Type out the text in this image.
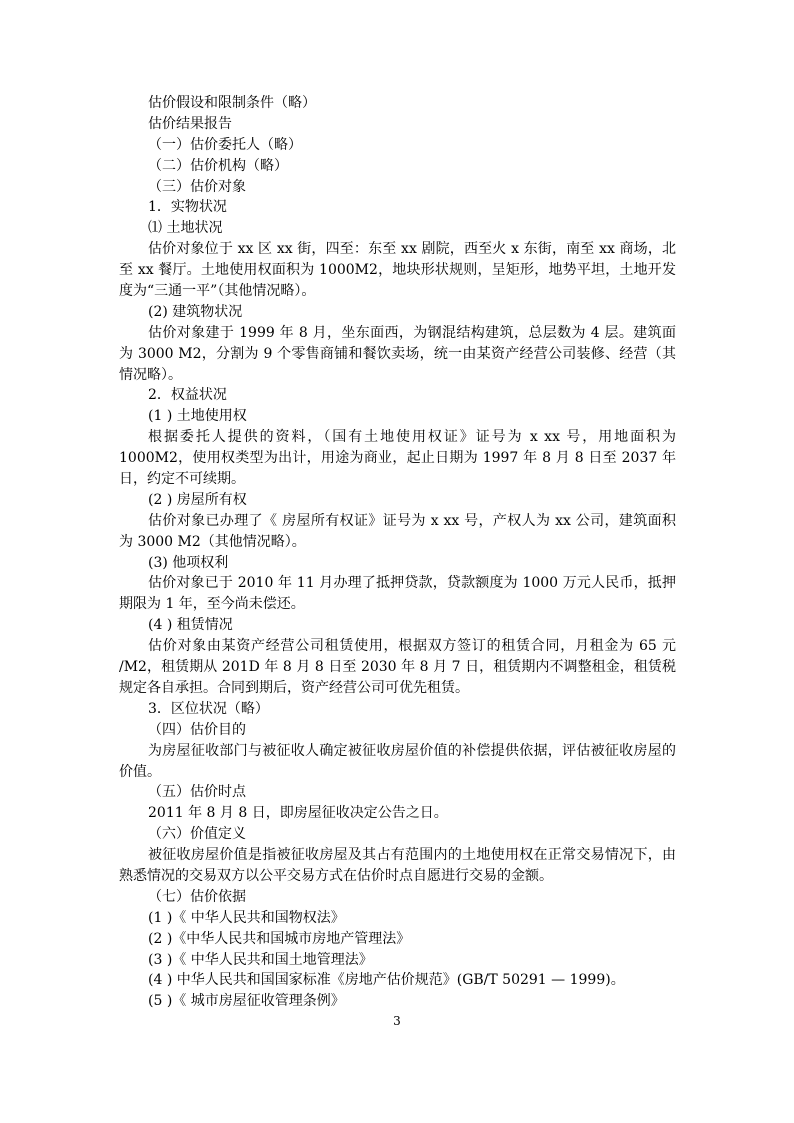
估价假设和限制条件（略）
估价结果报告
（一）估价委托人（略）
（二）估价机构（略）
（三）估价对象
1．实物状况
⑴ 土地状况
估价对象位于 xx 区 xx 街，四至：东至 xx 剧院，西至火 x 东街，南至 xx 商场，北
至 xx 餐厅。土地使用权面积为 1000M2，地块形状规则，呈矩形，地势平坦，土地开发
度为“三通一平”（其他情况略）。
(2) 建筑物状况
估价对象建于 1999 年 8 月，坐东面西，为钢混结构建筑，总层数为 4 层。建筑面
为 3000 M2，分割为 9 个零售商铺和餐饮卖场，统一由某资产经营公司装修、经营（其
情况略）。
2．权益状况
(1 ) 土地使用权
根据委托人提供的资料，（国有土地使用权证》证号为 x xx 号，用地面积为
1000M2，使用权类型为出计，用途为商业，起止日期为 1997 年 8 月 8 日至 2037 年
日，约定不可续期。
(2 ) 房屋所有权
估价对象已办理了《 房屋所有权证》证号为 x xx 号，产权人为 xx 公司，建筑面积
为 3000 M2（其他情况略）。
(3) 他项权利
估价对象已于 2010 年 11 月办理了抵押贷款，贷款额度为 1000 万元人民币，抵押
期限为 1 年，至今尚未偿还。
(4 ) 租赁情况
估价对象由某资产经营公司租赁使用，根据双方签订的租赁合同，月租金为 65 元
/M2，租赁期从 201D 年 8 月 8 日至 2030 年 8 月 7 日，租赁期内不调整租金，租赁税
规定各自承担。合同到期后，资产经营公司可优先租赁。
3．区位状况（略）
（四）估价目的
为房屋征收部门与被征收人确定被征收房屋价值的补偿提供依据，评估被征收房屋的
价值。
（五）估价时点
2011 年 8 月 8 日，即房屋征收决定公告之日。
（六）价值定义
被征收房屋价值是指被征收房屋及其占有范围内的土地使用权在正常交易情况下，由
熟悉情况的交易双方以公平交易方式在估价时点自愿进行交易的金额。
（七）估价依据
(1 )《 中华人民共和国物权法》
(2 )《中华人民共和国城市房地产管理法》
(3 )《 中华人民共和国土地管理法》
(4 ) 中华人民共和国国家标准《房地产估价规范》(GB/T 50291 — 1999)。
(5 )《 城市房屋征收管理条例》
3
